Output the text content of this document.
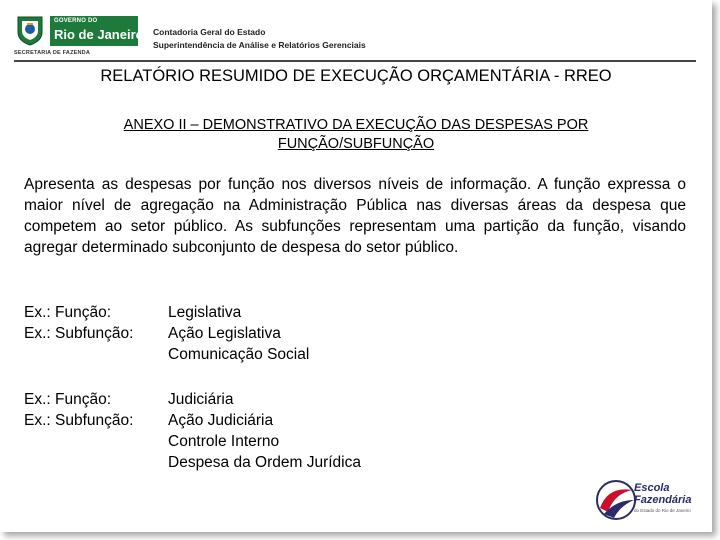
GOVERNO DO
Rio de Janeiro
SECRETARIA DE FAZENDA
Contadoria Geral do Estado
Superintendência de Análise e Relatórios Gerenciais
RELATÓRIO RESUMIDO DE EXECUÇÃO ORÇAMENTÁRIA - RREO
ANEXO II – DEMONSTRATIVO DA EXECUÇÃO DAS DESPESAS POR
FUNÇÃO/SUBFUNÇÃO
Apresenta as despesas por função nos diversos níveis de informação. A função expressa o maior nível de agregação na Administração Pública nas diversas áreas da despesa que competem ao setor público. As subfunções representam uma partição da função, visando agregar determinado subconjunto de despesa do setor público.
Ex.: Função:	Legislativa
Ex.: Subfunção:	Ação Legislativa
Comunicação Social
Ex.: Função:	Judiciária
Ex.: Subfunção:	Ação Judiciária
Controle Interno
Despesa da Ordem Jurídica
Escola
Fazendária
do Estado do Rio de Janeiro
